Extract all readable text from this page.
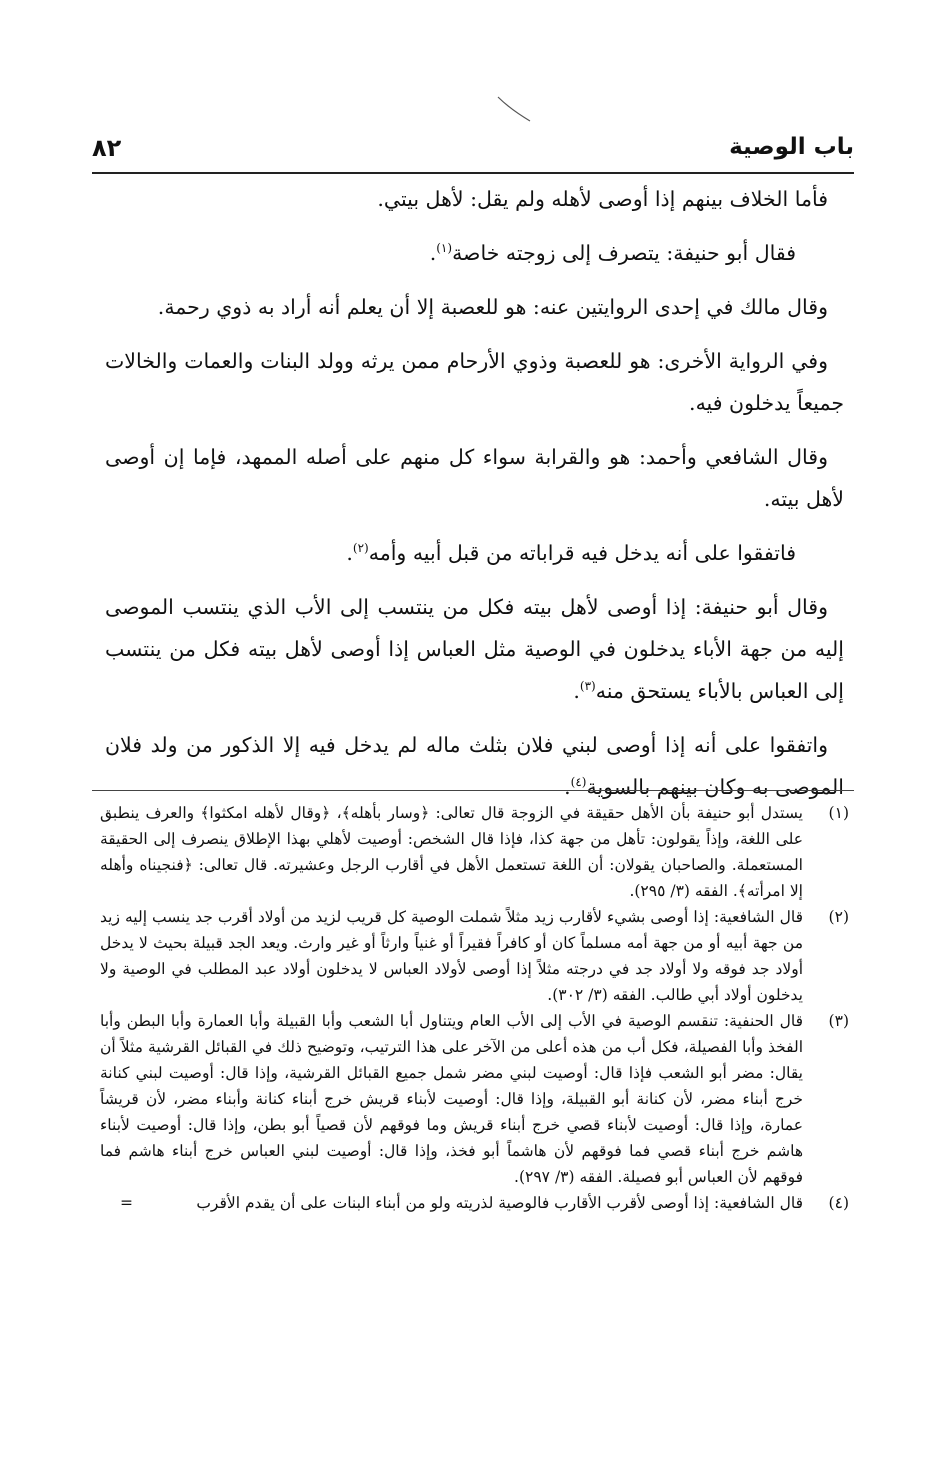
باب الوصية
٨٢

فأما الخلاف بينهم إذا أوصى لأهله ولم يقل: لأهل بيتي.

فقال أبو حنيفة: يتصرف إلى زوجته خاصة$^{(١)}$.

وقال مالك في إحدى الروايتين عنه: هو للعصبة إلا أن يعلم أنه أراد به ذوي رحمة.

وفي الرواية الأخرى: هو للعصبة وذوي الأرحام ممن يرثه وولد البنات والعمات والخالات جميعاً يدخلون فيه.

وقال الشافعي وأحمد: هو والقرابة سواء كل منهم على أصله الممهد، فإما إن أوصى لأهل بيته.

فاتفقوا على أنه يدخل فيه قراباته من قبل أبيه وأمه$^{(٢)}$.

وقال أبو حنيفة: إذا أوصى لأهل بيته فكل من ينتسب إلى الأب الذي ينتسب الموصى إليه من جهة الأباء يدخلون في الوصية مثل العباس إذا أوصى لأهل بيته فكل من ينتسب إلى العباس بالأباء يستحق منه$^{(٣)}$.

واتفقوا على أنه إذا أوصى لبني فلان بثلث ماله لم يدخل فيه إلا الذكور من ولد فلان الموصى به وكان بينهم بالسوية$^{(٤)}$.

(١)
يستدل أبو حنيفة بأن الأهل حقيقة في الزوجة قال تعالى: ﴿وسار بأهله﴾، ﴿وقال لأهله امكثوا﴾ والعرف ينطبق على اللغة، وإذاً يقولون: تأهل من جهة كذا، فإذا قال الشخص: أوصيت لأهلي بهذا الإطلاق ينصرف إلى الحقيقة المستعملة. والصاحبان يقولان: أن اللغة تستعمل الأهل في أقارب الرجل وعشيرته. قال تعالى: ﴿فنجيناه وأهله إلا امرأته﴾. الفقه (٣/ ٢٩٥).
(٢)
قال الشافعية: إذا أوصى بشيء لأقارب زيد مثلاً شملت الوصية كل قريب لزيد من أولاد أقرب جد ينسب إليه زيد من جهة أبيه أو من جهة أمه مسلماً كان أو كافراً فقيراً أو غنياً وارثاً أو غير وارث. ويعد الجد قبيلة بحيث لا يدخل أولاد جد فوقه ولا أولاد جد في درجته مثلاً إذا أوصى لأولاد العباس لا يدخلون أولاد عبد المطلب في الوصية ولا يدخلون أولاد أبي طالب. الفقه (٣/ ٣٠٢).
(٣)
قال الحنفية: تنقسم الوصية في الأب إلى الأب العام ويتناول أبا الشعب وأبا القبيلة وأبا العمارة وأبا البطن وأبا الفخذ وأبا الفصيلة، فكل أب من هذه أعلى من الآخر على هذا الترتيب، وتوضيح ذلك في القبائل القرشية مثلاً أن يقال: مضر أبو الشعب فإذا قال: أوصيت لبني مضر شمل جميع القبائل القرشية، وإذا قال: أوصيت لبني كنانة خرج أبناء مضر، لأن كنانة أبو القبيلة، وإذا قال: أوصيت لأبناء قريش خرج أبناء كنانة وأبناء مضر، لأن قريشاً عمارة، وإذا قال: أوصيت لأبناء قصي خرج أبناء قريش وما فوقهم لأن قصياً أبو بطن، وإذا قال: أوصيت لأبناء هاشم خرج أبناء قصي فما فوقهم لأن هاشماً أبو فخذ، وإذا قال: أوصيت لبني العباس خرج أبناء هاشم فما فوقهم لأن العباس أبو فصيلة. الفقه (٣/ ٢٩٧).
(٤)
قال الشافعية: إذا أوصى لأقرب الأقارب فالوصية لذريته ولو من أبناء البنات على أن يقدم الأقرب
=
